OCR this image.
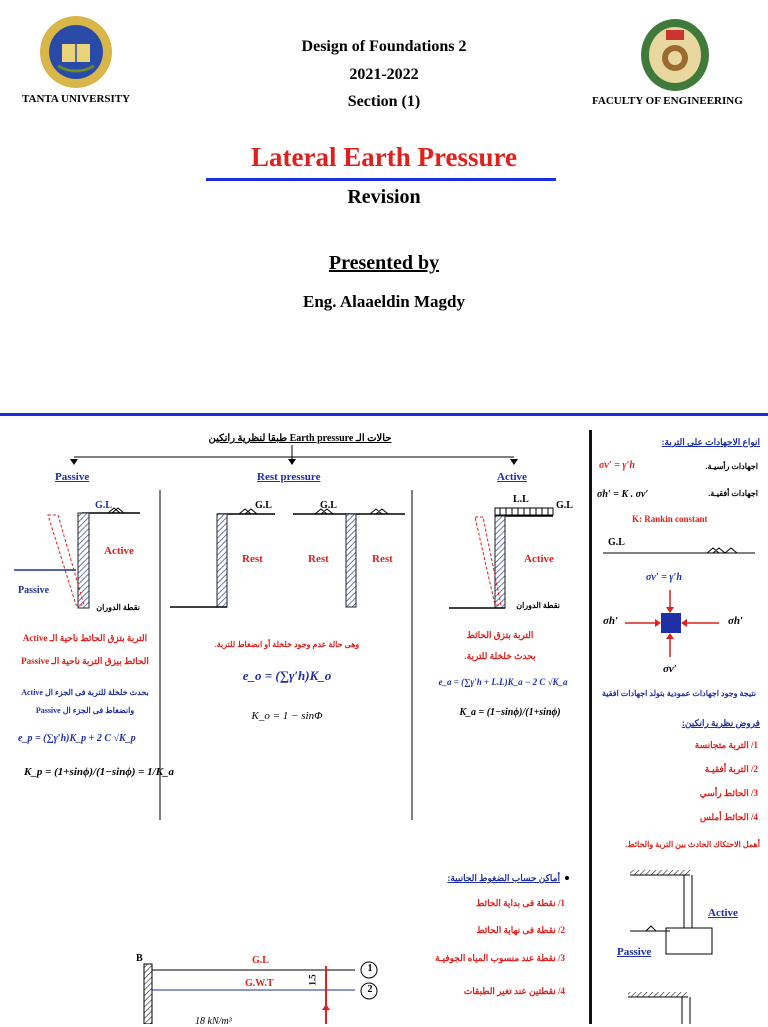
TANTA UNIVERSITY
Design of Foundations 2
2021-2022
Section (1)	FACULTY OF ENGINEERING
Lateral Earth Pressure
Revision
Presented by
Eng. Alaaeldin Magdy
حالات الـ Earth pressure طبقا لنظرية رانكين
Passive
G.L
Active
Passive
نقطة الدوران
التربة بتزق الحائط ناحية الـ Active
الحائط بيزق التربة ناحية الـ Passive
بحدث خلخلة للتربة فى الجزء ال Active
وانضغاط فى الجزء ال Passive
e_p = (∑γ′h)K_p + 2 C √K_p
K_p = (1+sinϕ)/(1−sinϕ) = 1/K_a
Rest pressure
G.L	G.L
Rest	Rest	Rest
وهى حالة عدم وجود خلخلة أو انضغاط للتربة.
e_o = (∑γ′h)K_o
K_o = 1 − sinΦ
Active
L.L
G.L
Active
نقطة الدوران
التربة بتزق الحائط
بحدث خلخلة للتربة.
e_a = (∑γ′h + L.L)K_a − 2 C √K_a
K_a = (1−sinϕ)/(1+sinϕ)
انواع الاجهادات على التربة:
σv′ = γ′h	اجهادات رأسيـة.
σh′ = K . σv′	اجهادات أفقيـة.
K: Rankin constant
G.L
σv′ = γ′h
σh′	σh′
σv′
نتيجة وجود اجهادات عمودية بتولد اجهادات افقية
فروض نظرية رانكين:
1/ التربة متجانسة
2/ التربة أفقيـة
3/ الحائط رأسي
4/ الحائط أملس
أهمل الاحتكاك الحادث بين التربة والحائط.
Active
Passive
أماكن حساب الضغوط الجانبية:
1/ نقطة فى بداية الحائط
2/ نقطة فى نهاية الحائط
3/ نقطة عند منسوب المياه الجوفيـة
4/ نقطتين عند تغير الطبقات
B	G.L
G.W.T	1.5
1
2
18 kN/m³
